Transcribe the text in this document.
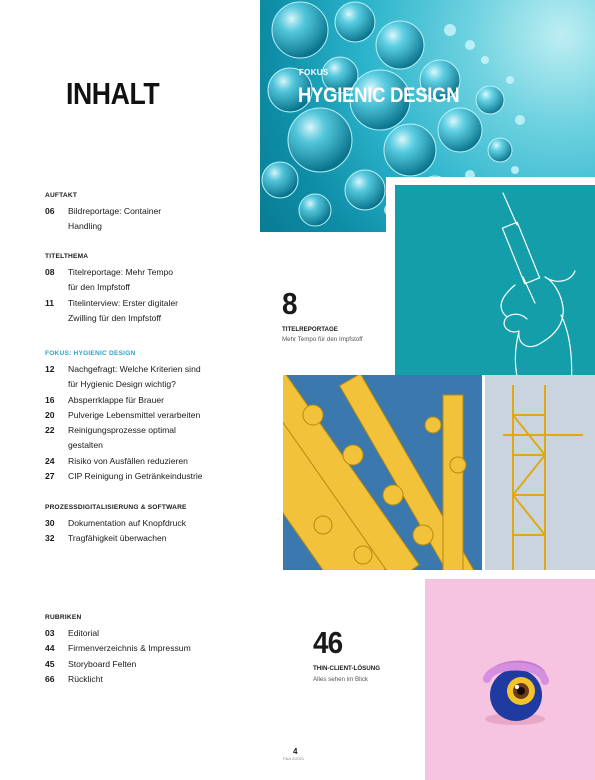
INHALT
AUFTAKT
06	Bildreportage: Container
Handling
TITELTHEMA
08	Titelreportage: Mehr Tempo
für den Impfstoff
11	Titelinterview: Erster digitaler
Zwilling für den Impfstoff
FOKUS: HYGIENIC DESIGN
12	Nachgefragt: Welche Kriterien sind
für Hygienic Design wichtig?
16	Absperrklappe für Brauer
20	Pulverige Lebensmittel verarbeiten
22	Reinigungsprozesse optimal
gestalten
24	Risiko von Ausfällen reduzieren
27	CIP Reinigung in Getränkeindustrie
PROZESSDIGITALISIERUNG & SOFTWARE
30	Dokumentation auf Knopfdruck
32	Tragfähigkeit überwachen
RUBRIKEN
03	Editorial
44	Firmenverzeichnis & Impressum
45	Storyboard Felten
66	Rücklicht
FOKUS
HYGIENIC DESIGN
8
TITELREPORTAGE
Mehr Tempo für den Impfstoff
46
THIN-CLIENT-LÖSUNG
Alles sehen im Blick
4
P&A 2/2021
